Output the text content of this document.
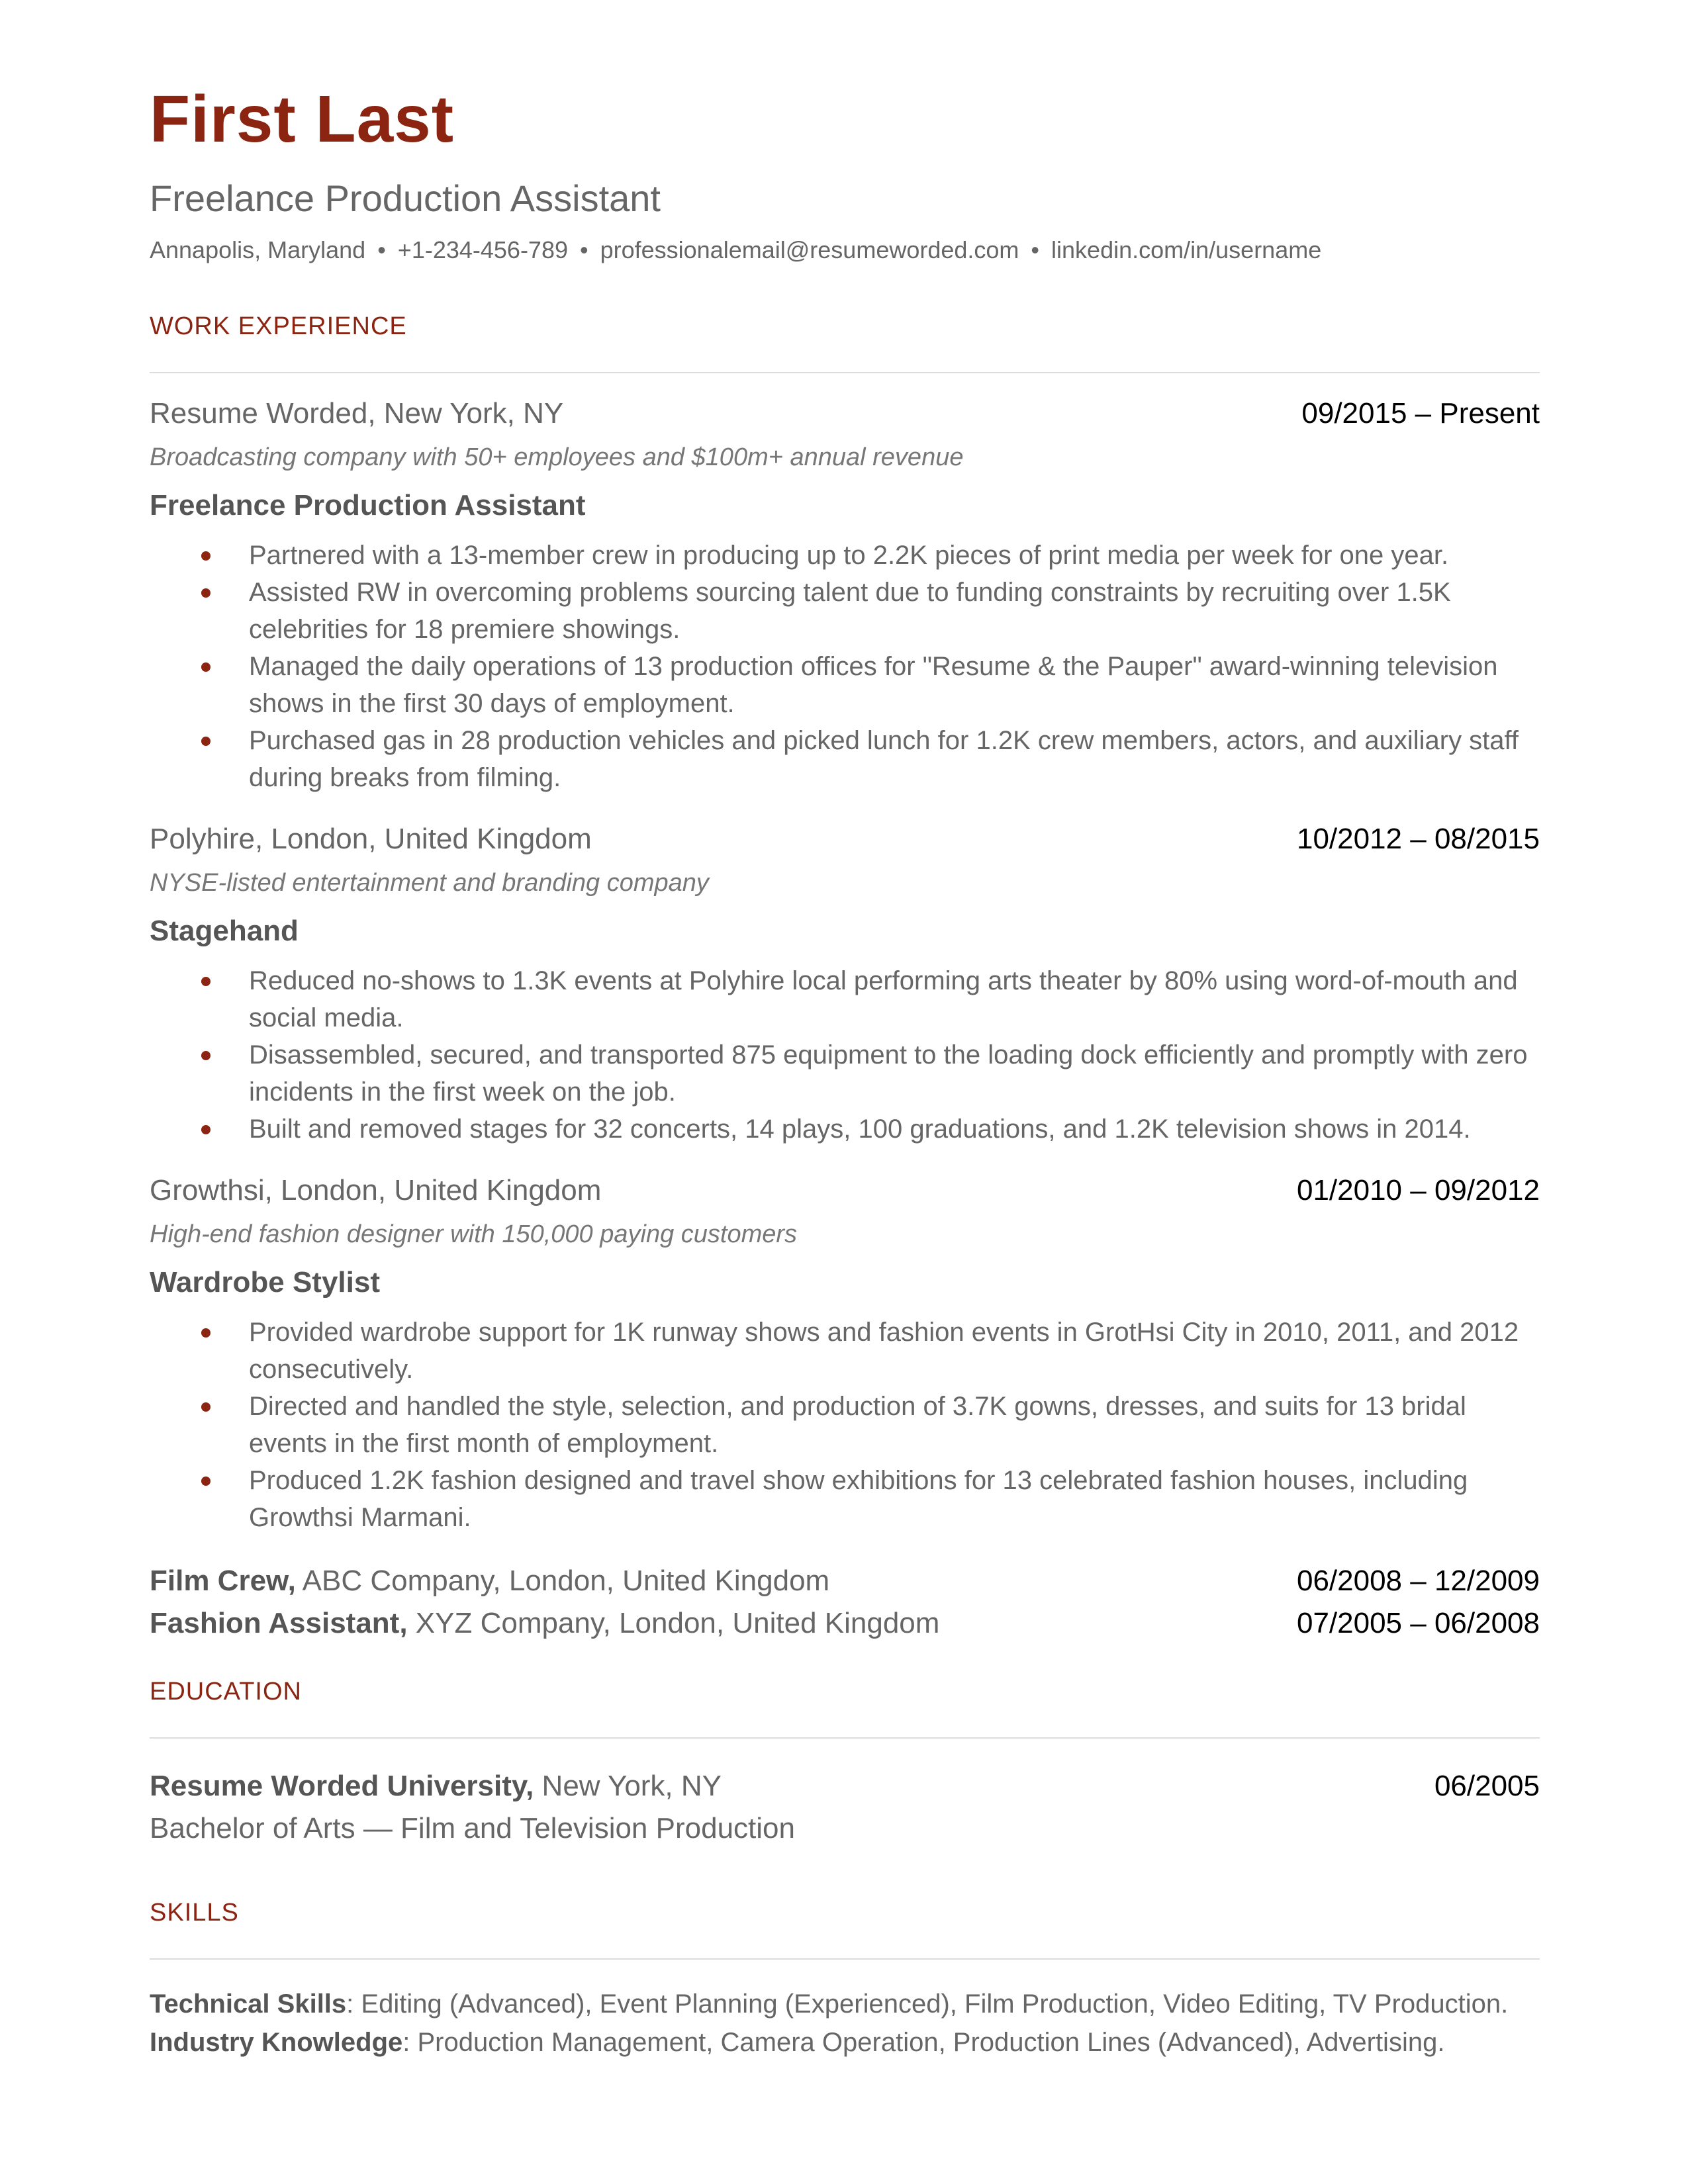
First Last
Freelance Production Assistant
Annapolis, Maryland • +1-234-456-789 • professionalemail@resumeworded.com • linkedin.com/in/username
WORK EXPERIENCE
Resume Worded, New York, NY	09/2015 – Present
Broadcasting company with 50+ employees and $100m+ annual revenue
Freelance Production Assistant
Partnered with a 13-member crew in producing up to 2.2K pieces of print media per week for one year.
Assisted RW in overcoming problems sourcing talent due to funding constraints by recruiting over 1.5K celebrities for 18 premiere showings.
Managed the daily operations of 13 production offices for "Resume & the Pauper" award-winning television shows in the first 30 days of employment.
Purchased gas in 28 production vehicles and picked lunch for 1.2K crew members, actors, and auxiliary staff during breaks from filming.
Polyhire, London, United Kingdom	10/2012 – 08/2015
NYSE-listed entertainment and branding company
Stagehand
Reduced no-shows to 1.3K events at Polyhire local performing arts theater by 80% using word-of-mouth and social media.
Disassembled, secured, and transported 875 equipment to the loading dock efficiently and promptly with zero incidents in the first week on the job.
Built and removed stages for 32 concerts, 14 plays, 100 graduations, and 1.2K television shows in 2014.
Growthsi, London, United Kingdom	01/2010 – 09/2012
High-end fashion designer with 150,000 paying customers
Wardrobe Stylist
Provided wardrobe support for 1K runway shows and fashion events in GrotHsi City in 2010, 2011, and 2012 consecutively.
Directed and handled the style, selection, and production of 3.7K gowns, dresses, and suits for 13 bridal events in the first month of employment.
Produced 1.2K fashion designed and travel show exhibitions for 13 celebrated fashion houses, including Growthsi Marmani.
Film Crew, ABC Company, London, United Kingdom	06/2008 – 12/2009
Fashion Assistant, XYZ Company, London, United Kingdom	07/2005 – 06/2008
EDUCATION
Resume Worded University, New York, NY	06/2005
Bachelor of Arts — Film and Television Production
SKILLS
Technical Skills: Editing (Advanced), Event Planning (Experienced), Film Production, Video Editing, TV Production.
Industry Knowledge: Production Management, Camera Operation, Production Lines (Advanced), Advertising.
